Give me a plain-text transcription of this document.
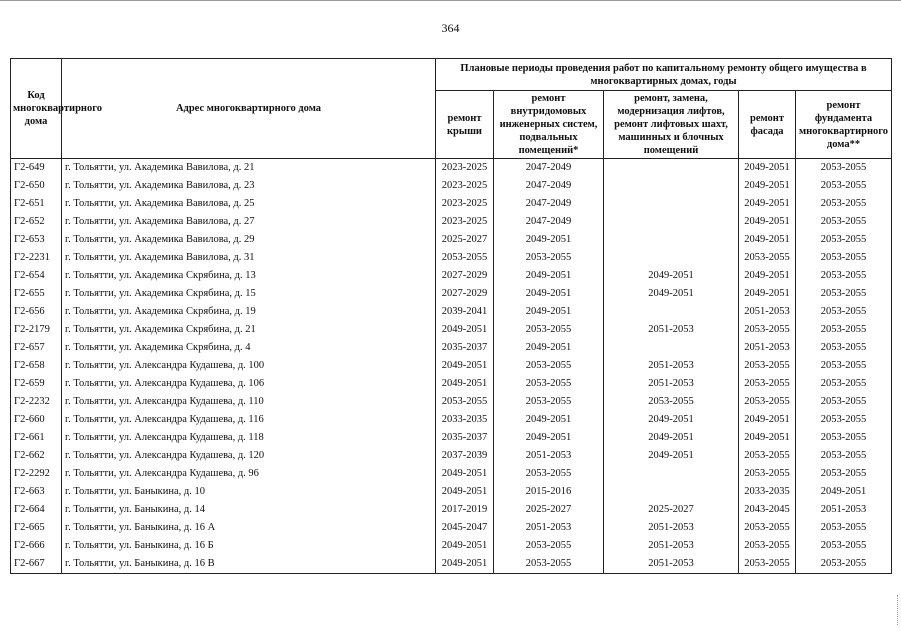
364
Код многоквартирного дома	Адрес многоквартирного дома	Плановые периоды проведения работ по капитальному ремонту общего имущества в многоквартирных домах, годы				
		ремонт крыши	ремонт внутридомовых инженерных систем, подвальных помещений*	ремонт, замена, модернизация лифтов, ремонт лифтовых шахт, машинных и блочных помещений	ремонт фасада	ремонт фундамента многоквартирного дома**
Г2-649	г. Тольятти, ул. Академика Вавилова, д. 21	2023-2025	2047-2049		2049-2051	2053-2055
Г2-650	г. Тольятти, ул. Академика Вавилова, д. 23	2023-2025	2047-2049		2049-2051	2053-2055
Г2-651	г. Тольятти, ул. Академика Вавилова, д. 25	2023-2025	2047-2049		2049-2051	2053-2055
Г2-652	г. Тольятти, ул. Академика Вавилова, д. 27	2023-2025	2047-2049		2049-2051	2053-2055
Г2-653	г. Тольятти, ул. Академика Вавилова, д. 29	2025-2027	2049-2051		2049-2051	2053-2055
Г2-2231	г. Тольятти, ул. Академика Вавилова, д. 31	2053-2055	2053-2055		2053-2055	2053-2055
Г2-654	г. Тольятти, ул. Академика Скрябина, д. 13	2027-2029	2049-2051	2049-2051	2049-2051	2053-2055
Г2-655	г. Тольятти, ул. Академика Скрябина, д. 15	2027-2029	2049-2051	2049-2051	2049-2051	2053-2055
Г2-656	г. Тольятти, ул. Академика Скрябина, д. 19	2039-2041	2049-2051		2051-2053	2053-2055
Г2-2179	г. Тольятти, ул. Академика Скрябина, д. 21	2049-2051	2053-2055	2051-2053	2053-2055	2053-2055
Г2-657	г. Тольятти, ул. Академика Скрябина, д. 4	2035-2037	2049-2051		2051-2053	2053-2055
Г2-658	г. Тольятти, ул. Александра Кудашева, д. 100	2049-2051	2053-2055	2051-2053	2053-2055	2053-2055
Г2-659	г. Тольятти, ул. Александра Кудашева, д. 106	2049-2051	2053-2055	2051-2053	2053-2055	2053-2055
Г2-2232	г. Тольятти, ул. Александра Кудашева, д. 110	2053-2055	2053-2055	2053-2055	2053-2055	2053-2055
Г2-660	г. Тольятти, ул. Александра Кудашева, д. 116	2033-2035	2049-2051	2049-2051	2049-2051	2053-2055
Г2-661	г. Тольятти, ул. Александра Кудашева, д. 118	2035-2037	2049-2051	2049-2051	2049-2051	2053-2055
Г2-662	г. Тольятти, ул. Александра Кудашева, д. 120	2037-2039	2051-2053	2049-2051	2053-2055	2053-2055
Г2-2292	г. Тольятти, ул. Александра Кудашева, д. 96	2049-2051	2053-2055		2053-2055	2053-2055
Г2-663	г. Тольятти, ул. Баныкина, д. 10	2049-2051	2015-2016		2033-2035	2049-2051
Г2-664	г. Тольятти, ул. Баныкина, д. 14	2017-2019	2025-2027	2025-2027	2043-2045	2051-2053
Г2-665	г. Тольятти, ул. Баныкина, д. 16 А	2045-2047	2051-2053	2051-2053	2053-2055	2053-2055
Г2-666	г. Тольятти, ул. Баныкина, д. 16 Б	2049-2051	2053-2055	2051-2053	2053-2055	2053-2055
Г2-667	г. Тольятти, ул. Баныкина, д. 16 В	2049-2051	2053-2055	2051-2053	2053-2055	2053-2055
